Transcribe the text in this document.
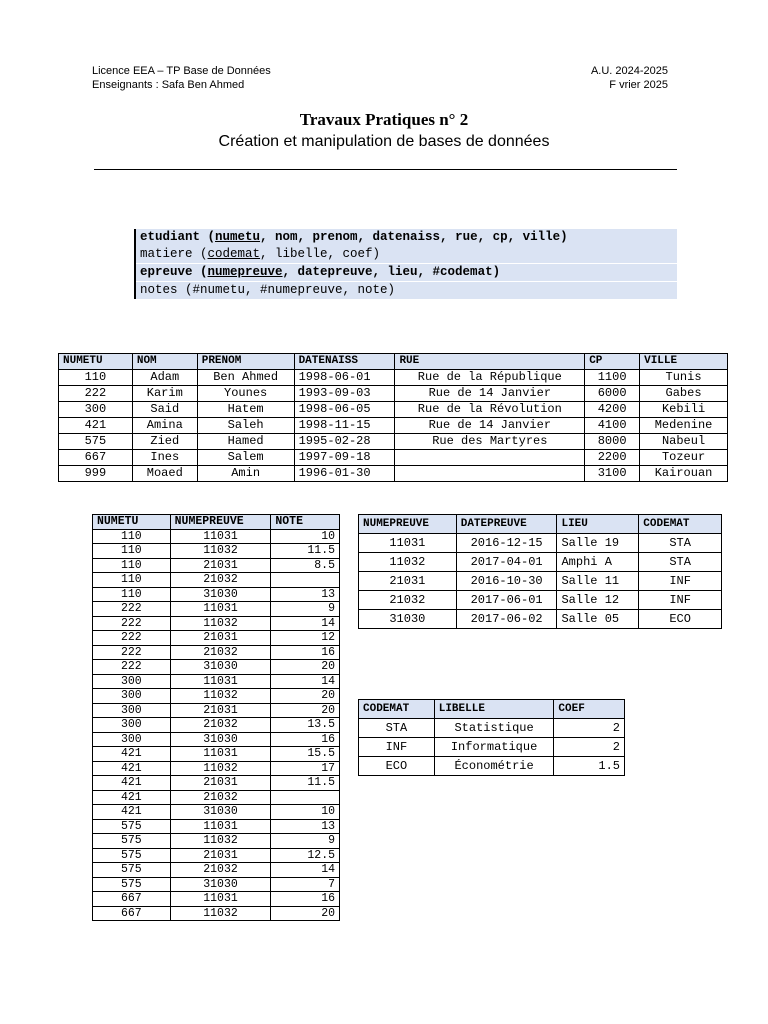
Licence EEA – TP Base de Données
Enseignants : Safa Ben Ahmed
A.U. 2024-2025
F vrier 2025
Travaux Pratiques n° 2
Création et manipulation de bases de données
etudiant (numetu, nom, prenom, datenaiss, rue, cp, ville)
matiere (codemat, libelle, coef)
epreuve (numepreuve, datepreuve, lieu, #codemat)
notes (#numetu, #numepreuve, note)
NUMETU	NOM	PRENOM	DATENAISS	RUE	CP	VILLE
110	Adam	Ben Ahmed	1998-06-01	Rue de la République	1100	Tunis
222	Karim	Younes	1993-09-03	Rue de 14 Janvier	6000	Gabes
300	Said	Hatem	1998-06-05	Rue de la Révolution	4200	Kebili
421	Amina	Saleh	1998-11-15	Rue de 14 Janvier	4100	Medenine
575	Zied	Hamed	1995-02-28	Rue des Martyres	8000	Nabeul
667	Ines	Salem	1997-09-18		2200	Tozeur
999	Moaed	Amin	1996-01-30		3100	Kairouan
NUMETU	NUMEPREUVE	NOTE
110	11031	10
110	11032	11.5
110	21031	8.5
110	21032	
110	31030	13
222	11031	9
222	11032	14
222	21031	12
222	21032	16
222	31030	20
300	11031	14
300	11032	20
300	21031	20
300	21032	13.5
300	31030	16
421	11031	15.5
421	11032	17
421	21031	11.5
421	21032	
421	31030	10
575	11031	13
575	11032	9
575	21031	12.5
575	21032	14
575	31030	7
667	11031	16
667	11032	20
NUMEPREUVE	DATEPREUVE	LIEU	CODEMAT
11031	2016-12-15	Salle 19	STA
11032	2017-04-01	Amphi A	STA
21031	2016-10-30	Salle 11	INF
21032	2017-06-01	Salle 12	INF
31030	2017-06-02	Salle 05	ECO
CODEMAT	LIBELLE	COEF
STA	Statistique	2
INF	Informatique	2
ECO	Économétrie	1.5
